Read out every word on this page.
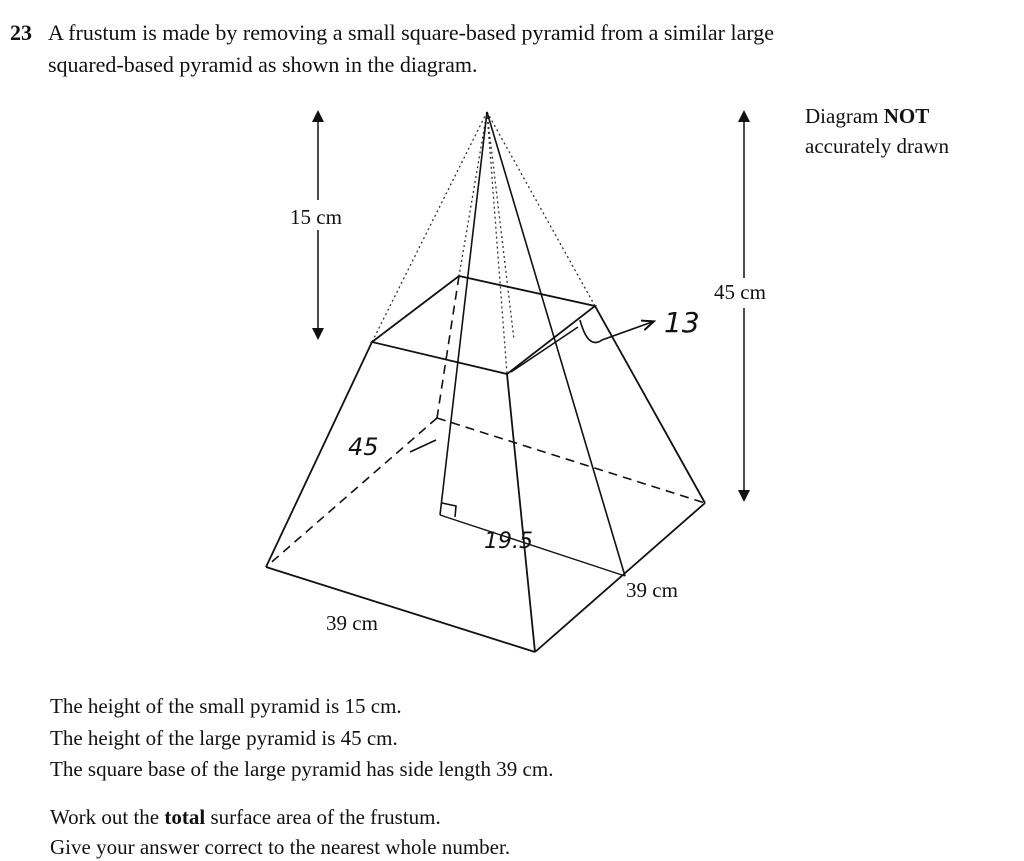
23 A frustum is made by removing a small square-based pyramid from a similar large
squared-based pyramid as shown in the diagram.
Diagram NOT
accurately drawn
15 cm
45 cm
39 cm
39 cm
13
45
19.5
The height of the small pyramid is 15 cm.
The height of the large pyramid is 45 cm.
The square base of the large pyramid has side length 39 cm.
Work out the total surface area of the frustum.
Give your answer correct to the nearest whole number.
